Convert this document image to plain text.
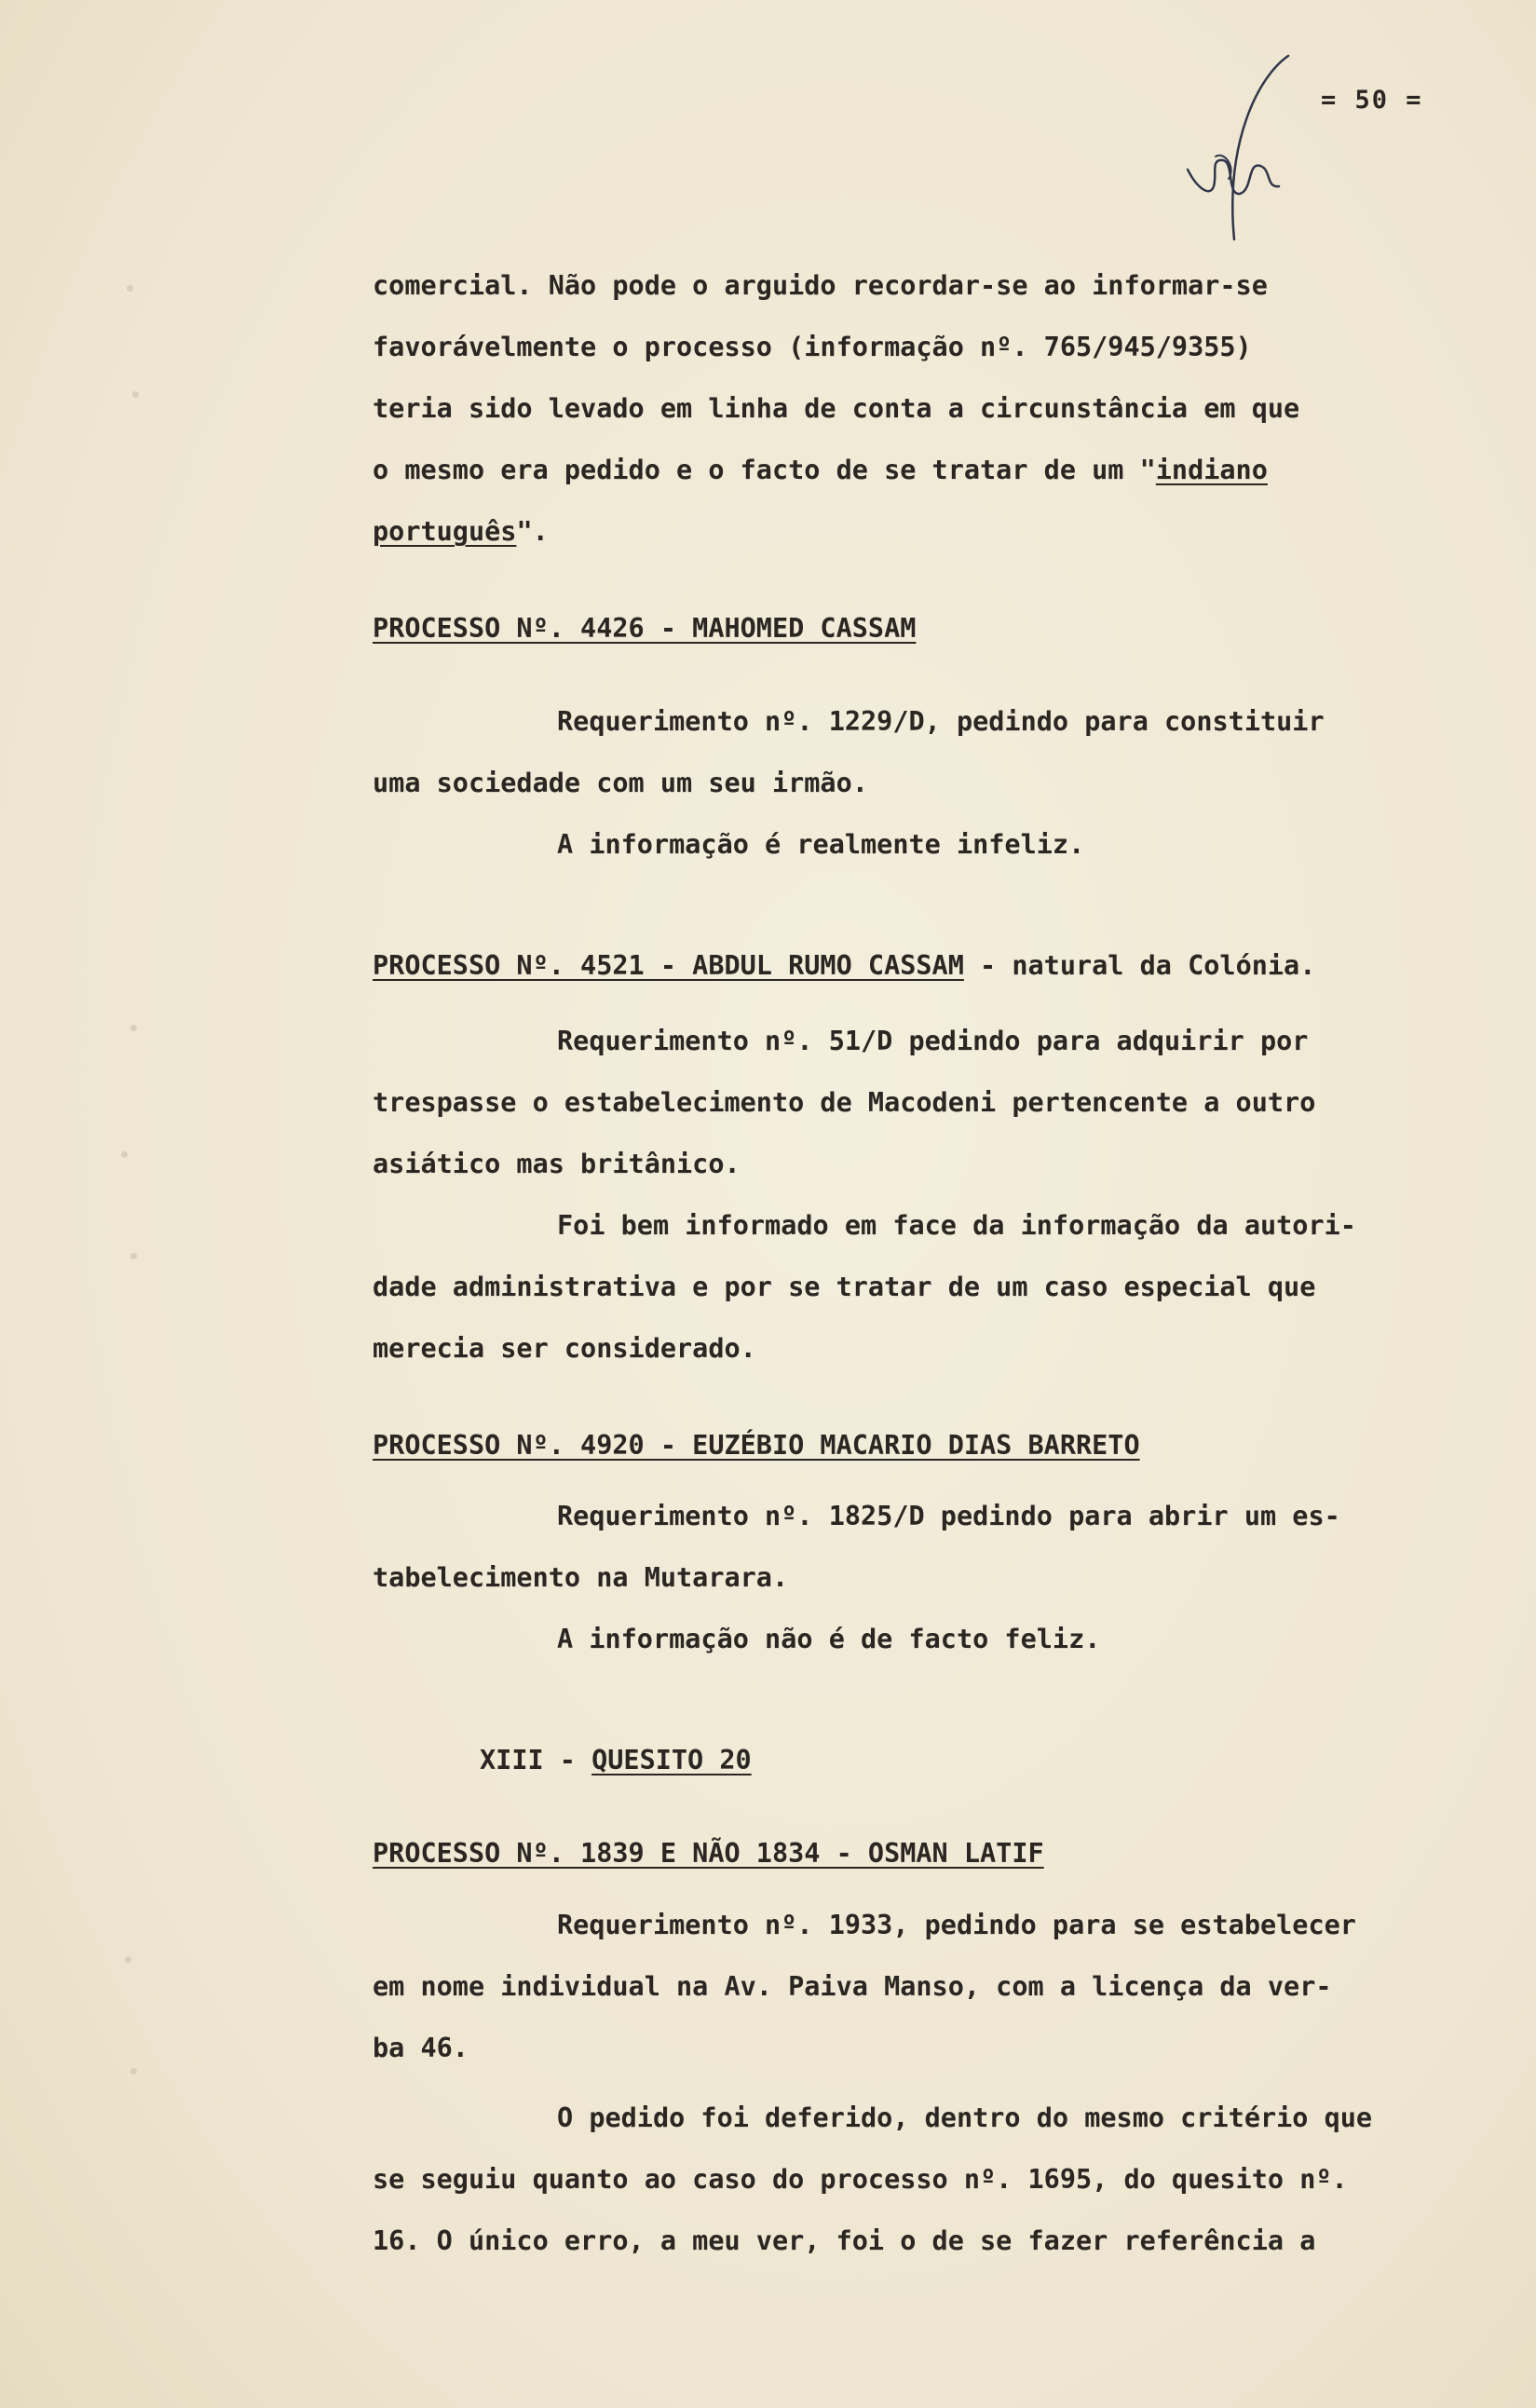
= 50 =
comercial. Não pode o arguido recordar-se ao informar-se
favorávelmente o processo (informação nº. 765/945/9355)
teria sido levado em linha de conta a circunstância em que
o mesmo era pedido e o facto de se tratar de um "indiano
português".
PROCESSO Nº. 4426 - MAHOMED CASSAM
Requerimento nº. 1229/D, pedindo para constituir
uma sociedade com um seu irmão.
A informação é realmente infeliz.
PROCESSO Nº. 4521 - ABDUL RUMO CASSAM - natural da Colónia.
Requerimento nº. 51/D pedindo para adquirir por
trespasse o estabelecimento de Macodeni pertencente a outro
asiático mas britânico.
Foi bem informado em face da informação da autori-
dade administrativa e por se tratar de um caso especial que
merecia ser considerado.
PROCESSO Nº. 4920 - EUZÉBIO MACARIO DIAS BARRETO
Requerimento nº. 1825/D pedindo para abrir um es-
tabelecimento na Mutarara.
A informação não é de facto feliz.
XIII - QUESITO 20
PROCESSO Nº. 1839 E NÃO 1834 - OSMAN LATIF
Requerimento nº. 1933, pedindo para se estabelecer
em nome individual na Av. Paiva Manso, com a licença da ver-
ba 46.
O pedido foi deferido, dentro do mesmo critério que
se seguiu quanto ao caso do processo nº. 1695, do quesito nº.
16. O único erro, a meu ver, foi o de se fazer referência a
